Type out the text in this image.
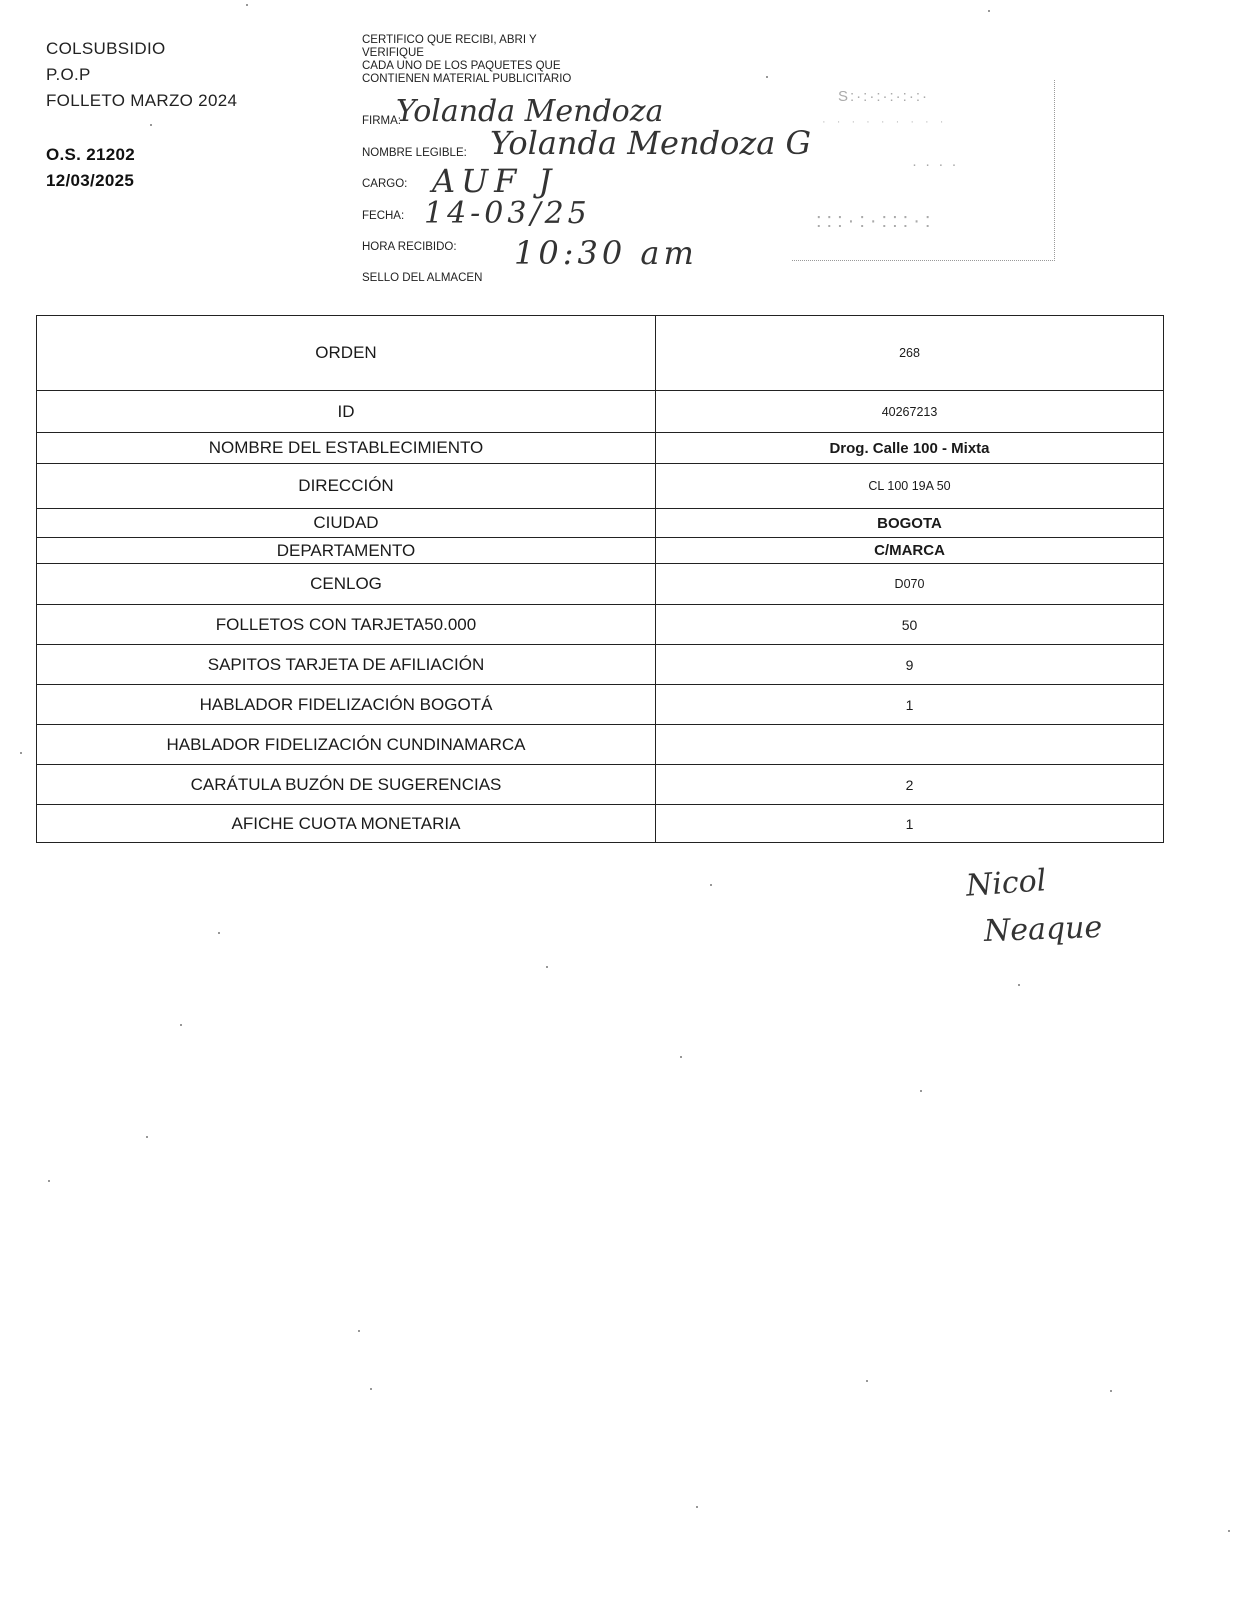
COLSUBSIDIO
P.O.P
FOLLETO MARZO 2024
O.S. 21202
12/03/2025
CERTIFICO QUE RECIBI, ABRI Y
VERIFIQUE
CADA UNO DE LOS PAQUETES QUE
CONTIENEN MATERIAL PUBLICITARIO
FIRMA:
Yolanda Mendoza
NOMBRE LEGIBLE: Yolanda Mendoza G
CARGO: AUF J
FECHA: 14-03/25
HORA RECIBIDO: 10:30 am
SELLO DEL ALMACEN
S:·:·:·:·:·:·
· · · · · · · · ·
· · · ·
:::·:·:::·:
ORDEN	268
ID	40267213
NOMBRE DEL ESTABLECIMIENTO	Drog. Calle 100 - Mixta
DIRECCIÓN	CL 100 19A 50
CIUDAD	BOGOTA
DEPARTAMENTO	C/MARCA
CENLOG	D070
FOLLETOS CON TARJETA50.000	50
SAPITOS TARJETA DE AFILIACIÓN	9
HABLADOR FIDELIZACIÓN BOGOTÁ	1
HABLADOR FIDELIZACIÓN CUNDINAMARCA	
CARÁTULA BUZÓN DE SUGERENCIAS	2
AFICHE CUOTA MONETARIA	1
Nicol
Neaque
